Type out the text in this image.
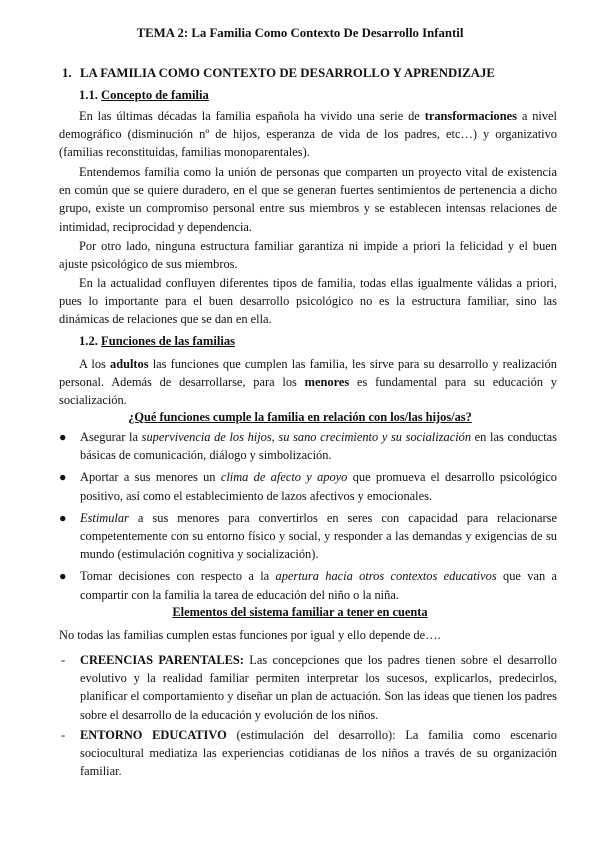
TEMA 2: La Familia Como Contexto De Desarrollo Infantil
1. LA FAMILIA COMO CONTEXTO DE DESARROLLO Y APRENDIZAJE
1.1. Concepto de familia

En las últimas décadas la familia española ha vivido una serie de transformaciones a nivel demográfico (disminución nº de hijos, esperanza de vida de los padres, etc…) y organizativo (familias reconstituidas, familias monoparentales).

Entendemos familia como la unión de personas que comparten un proyecto vital de existencia en común que se quiere duradero, en el que se generan fuertes sentimientos de pertenencia a dicho grupo, existe un compromiso personal entre sus miembros y se establecen intensas relaciones de intimidad, reciprocidad y dependencia.

Por otro lado, ninguna estructura familiar garantiza ni impide a priori la felicidad y el buen ajuste psicológico de sus miembros.

En la actualidad confluyen diferentes tipos de familia, todas ellas igualmente válidas a priori, pues lo importante para el buen desarrollo psicológico no es la estructura familiar, sino las dinámicas de relaciones que se dan en ella.

1.2. Funciones de las familias

A los adultos las funciones que cumplen las familia, les sirve para su desarrollo y realización personal. Además de desarrollarse, para los menores es fundamental para su educación y socialización.

¿Qué funciones cumple la familia en relación con los/las hijos/as?
●	Asegurar la supervivencia de los hijos, su sano crecimiento y su socialización en las conductas básicas de comunicación, diálogo y simbolización.
●	Aportar a sus menores un clima de afecto y apoyo que promueva el desarrollo psicológico positivo, así como el establecimiento de lazos afectivos y emocionales.
●	Estimular a sus menores para convertirlos en seres con capacidad para relacionarse competentemente con su entorno físico y social, y responder a las demandas y exigencias de su mundo (estimulación cognitiva y socialización).
●	Tomar decisiones con respecto a la apertura hacia otros contextos educativos que van a compartir con la familia la tarea de educación del niño o la niña.
Elementos del sistema familiar a tener en cuenta

No todas las familias cumplen estas funciones por igual y ello depende de….

- CREENCIAS PARENTALES: Las concepciones que los padres tienen sobre el desarrollo evolutivo y la realidad familiar permiten interpretar los sucesos, explicarlos, predecirlos, planificar el comportamiento y diseñar un plan de actuación. Son las ideas que tienen los padres sobre el desarrollo de la educación y evolución de los niños.
- ENTORNO EDUCATIVO (estimulación del desarrollo): La familia como escenario sociocultural mediatiza las experiencias cotidianas de los niños a través de su organización familiar.
